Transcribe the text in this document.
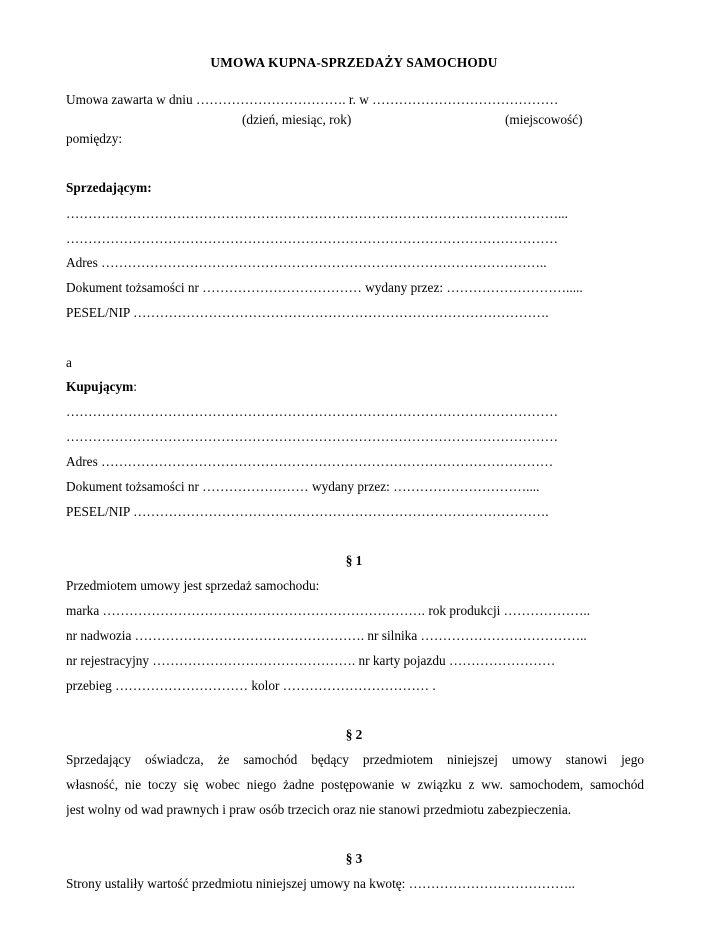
UMOWA KUPNA-SPRZEDAŻY SAMOCHODU
Umowa zawarta w dniu ……………………………. r. w ……………………………………
(dzień, miesiąc, rok)	(miejscowość)
pomiędzy:
Sprzedającym:
…………………………………………………………………………………………………...
…………………………………………………………………………………………………
Adres ………………………………………………………………………………………..
Dokument tożsamości nr ……………………………… wydany przez: ……………………….....
PESEL/NIP ………………………………………………………………………………….
a
Kupującym:
…………………………………………………………………………………………………
…………………………………………………………………………………………………
Adres …………………………………………………………………………………………
Dokument tożsamości nr …………………… wydany przez: …………………………....
PESEL/NIP ………………………………………………………………………………….
§ 1
Przedmiotem umowy jest sprzedaż samochodu:
marka ………………………………………………………………. rok produkcji ………………..
nr nadwozia ……………………………………………. nr silnika ………………………………..
nr rejestracyjny ………………………………………. nr karty pojazdu ……………………
przebieg ………………………… kolor …………………………… .
§ 2
Sprzedający oświadcza, że samochód będący przedmiotem niniejszej umowy stanowi jego
własność, nie toczy się wobec niego żadne postępowanie w związku z ww. samochodem, samochód
jest wolny od wad prawnych i praw osób trzecich oraz nie stanowi przedmiotu zabezpieczenia.
§ 3
Strony ustaliły wartość przedmiotu niniejszej umowy na kwotę: ………………………………..
